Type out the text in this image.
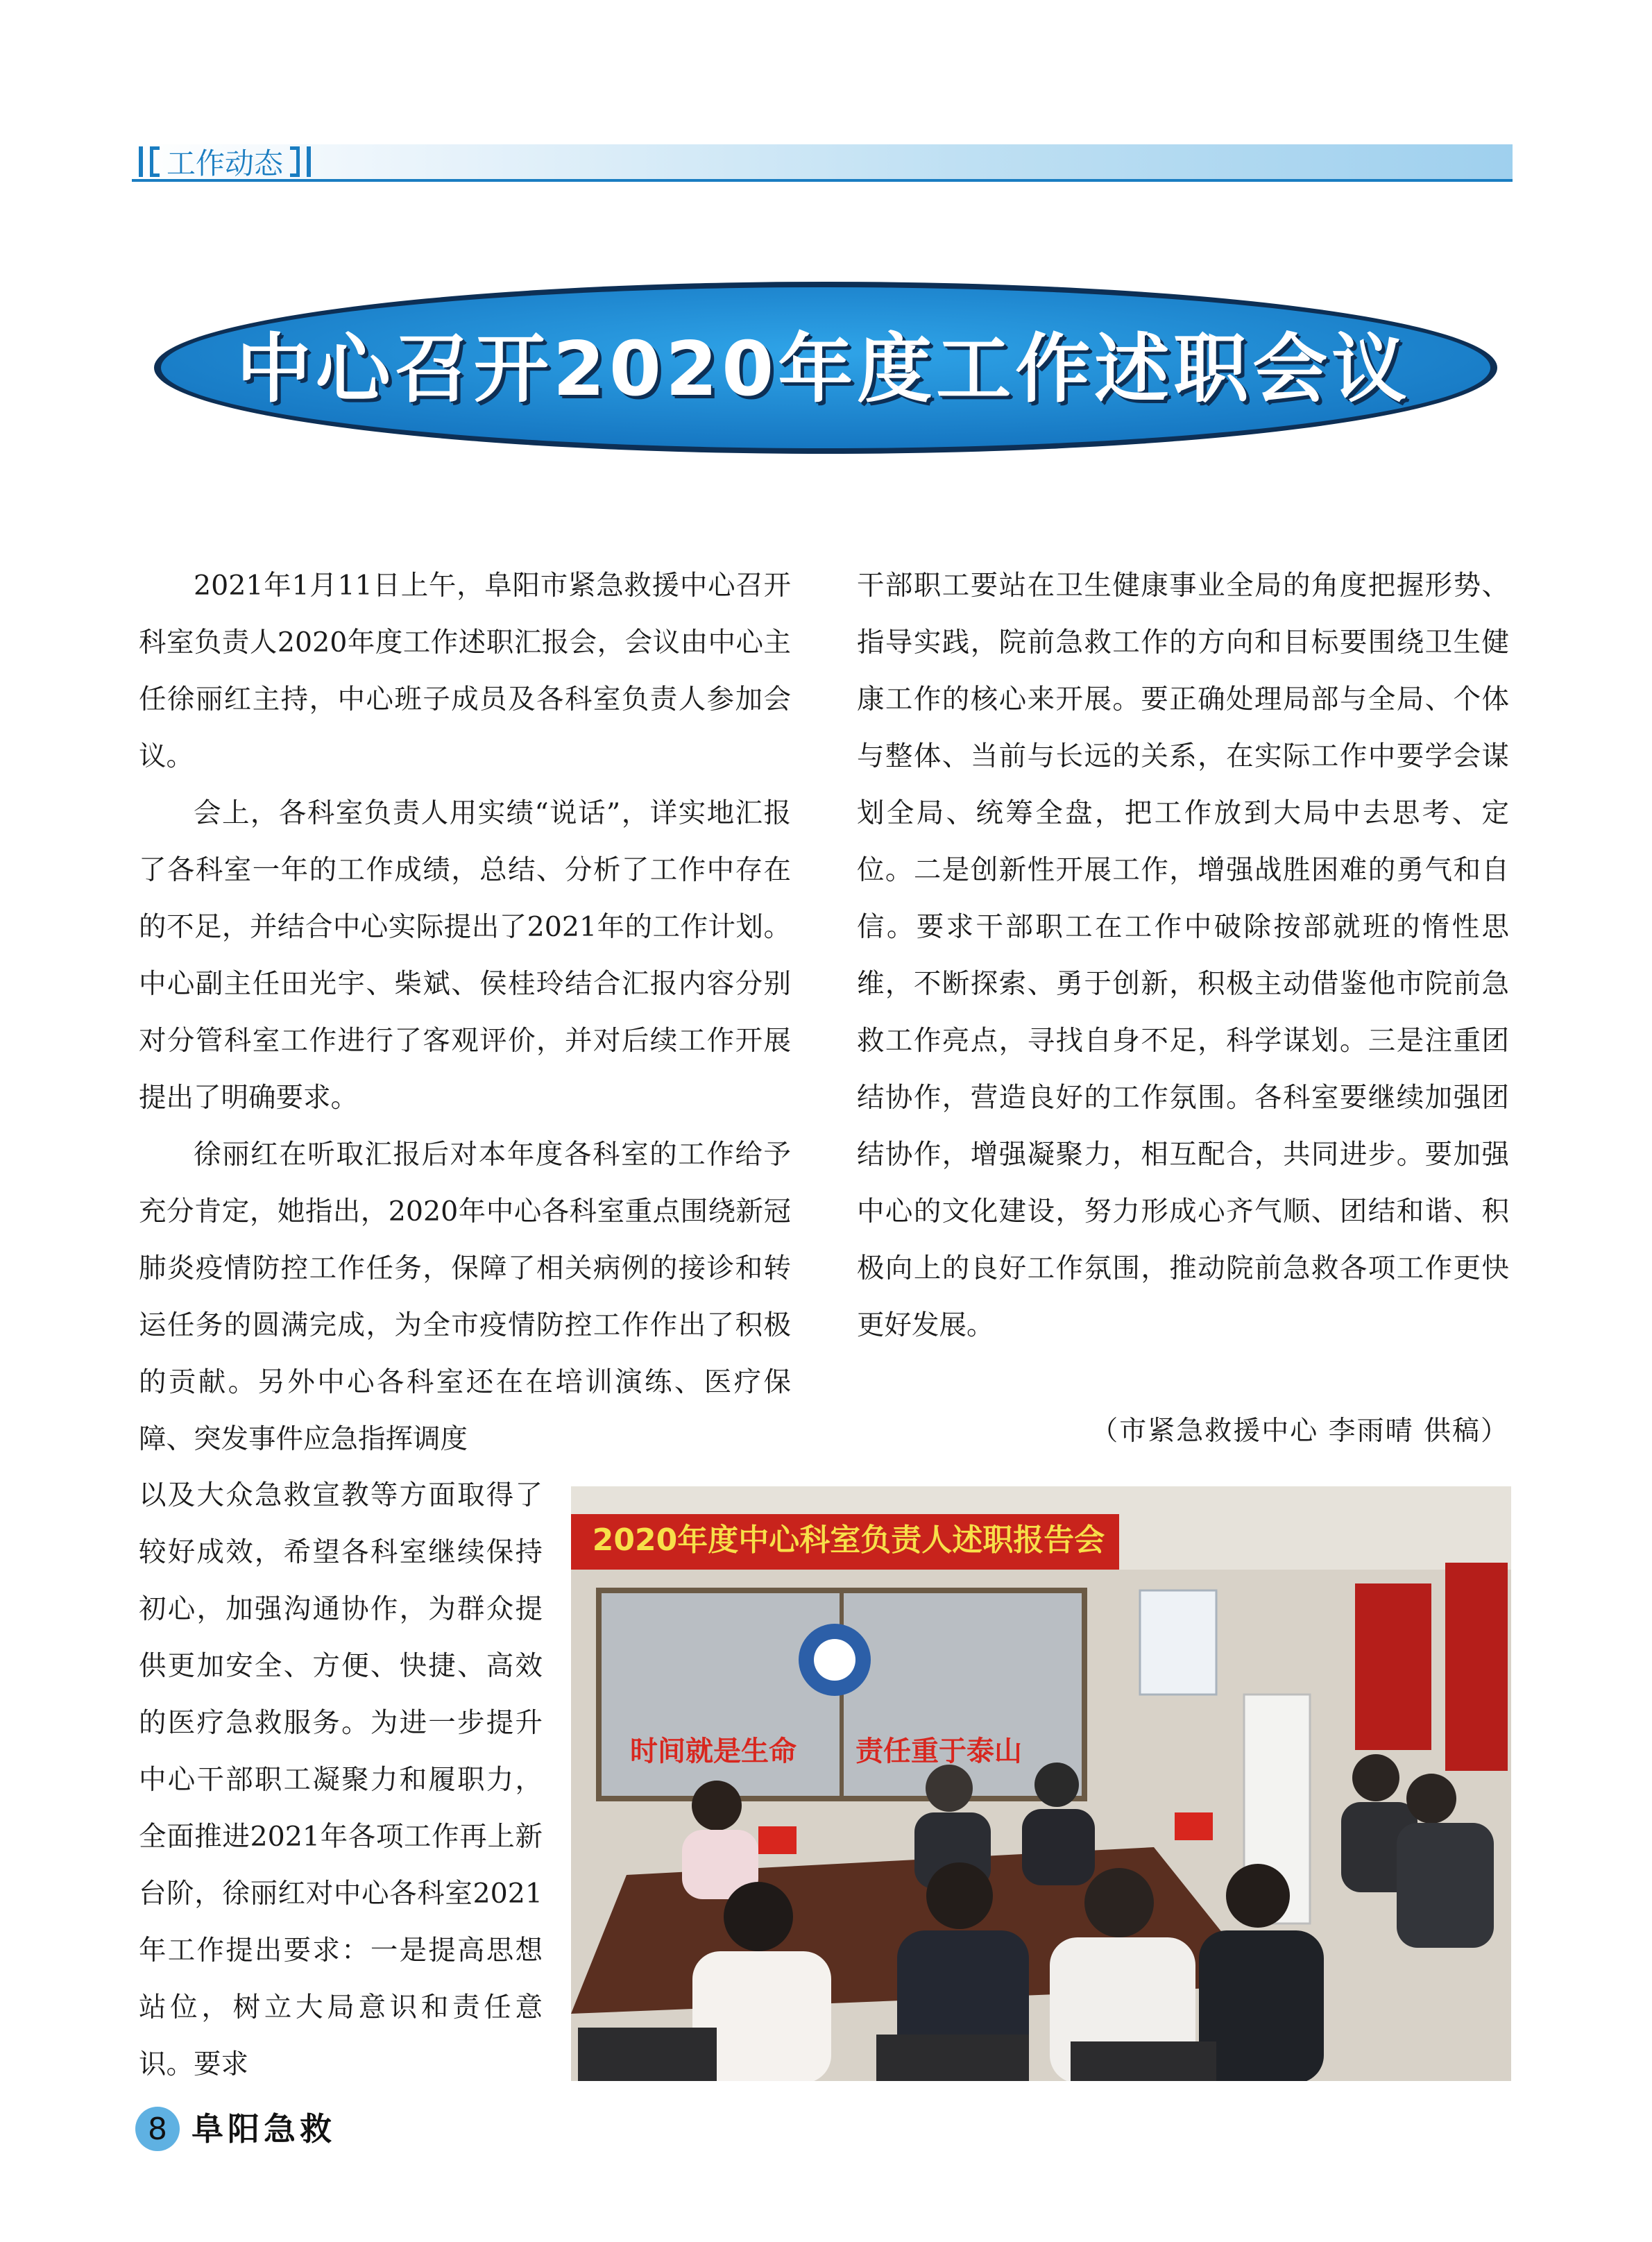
工作动态
中心召开2020年度工作述职会议

2021年1月11日上午，阜阳市紧急救援中心召开科室负责人2020年度工作述职汇报会，会议由中心主任徐丽红主持，中心班子成员及各科室负责人参加会议。

会上，各科室负责人用实绩“说话”，详实地汇报了各科室一年的工作成绩，总结、分析了工作中存在的不足，并结合中心实际提出了2021年的工作计划。中心副主任田光宇、柴斌、侯桂玲结合汇报内容分别对分管科室工作进行了客观评价，并对后续工作开展提出了明确要求。

徐丽红在听取汇报后对本年度各科室的工作给予充分肯定，她指出，2020年中心各科室重点围绕新冠肺炎疫情防控工作任务，保障了相关病例的接诊和转运任务的圆满完成，为全市疫情防控工作作出了积极的贡献。另外中心各科室还在在培训演练、医疗保障、突发事件应急指挥调度

以及大众急救宣教等方面取得了较好成效，希望各科室继续保持初心，加强沟通协作，为群众提供更加安全、方便、快捷、高效的医疗急救服务。为进一步提升中心干部职工凝聚力和履职力，全面推进2021年各项工作再上新台阶，徐丽红对中心各科室2021年工作提出要求：一是提高思想站位，树立大局意识和责任意识。要求

干部职工要站在卫生健康事业全局的角度把握形势、指导实践，院前急救工作的方向和目标要围绕卫生健康工作的核心来开展。要正确处理局部与全局、个体与整体、当前与长远的关系，在实际工作中要学会谋划全局、统筹全盘，把工作放到大局中去思考、定位。二是创新性开展工作，增强战胜困难的勇气和自信。要求干部职工在工作中破除按部就班的惰性思维，不断探索、勇于创新，积极主动借鉴他市院前急救工作亮点，寻找自身不足，科学谋划。三是注重团结协作，营造良好的工作氛围。各科室要继续加强团结协作，增强凝聚力，相互配合，共同进步。要加强中心的文化建设，努力形成心齐气顺、团结和谐、积极向上的良好工作氛围，推动院前急救各项工作更快更好发展。

（市紧急救援中心 李雨晴 供稿）
2020年度中心科室负责人述职报告会
时间就是生命 责任重于泰山
8 阜阳急救
